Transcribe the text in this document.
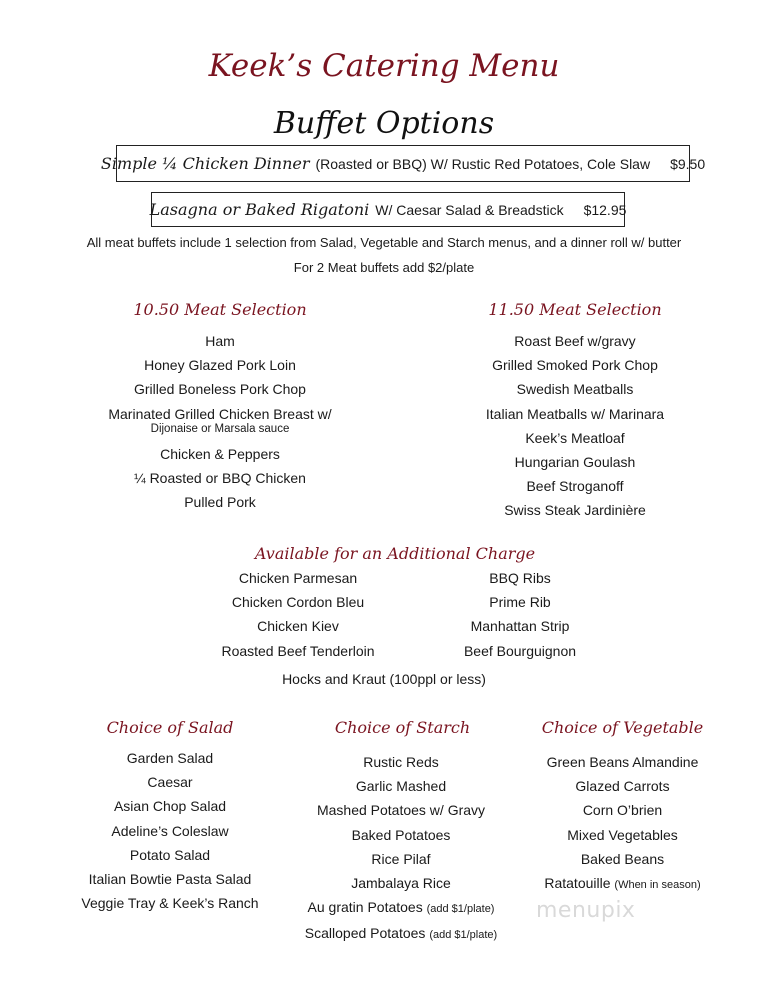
Keek’s Catering Menu
Buffet Options
Simple ¼ Chicken Dinner (Roasted or BBQ) W/ Rustic Red Potatoes, Cole Slaw $9.50
Lasagna or Baked Rigatoni W/ Caesar Salad & Breadstick $12.95
All meat buffets include 1 selection from Salad, Vegetable and Starch menus, and a dinner roll w/ butter
For 2 Meat buffets add $2/plate
10.50 Meat Selection
Ham
Honey Glazed Pork Loin
Grilled Boneless Pork Chop
Marinated Grilled Chicken Breast w/
Dijonaise or Marsala sauce
Chicken & Peppers
¼ Roasted or BBQ Chicken
Pulled Pork
11.50 Meat Selection
Roast Beef w/gravy
Grilled Smoked Pork Chop
Swedish Meatballs
Italian Meatballs w/ Marinara
Keek’s Meatloaf
Hungarian Goulash
Beef Stroganoff
Swiss Steak Jardinière
Available for an Additional Charge
Chicken Parmesan
Chicken Cordon Bleu
Chicken Kiev
Roasted Beef Tenderloin
BBQ Ribs
Prime Rib
Manhattan Strip
Beef Bourguignon
Hocks and Kraut (100ppl or less)
Choice of Salad
Garden Salad
Caesar
Asian Chop Salad
Adeline’s Coleslaw
Potato Salad
Italian Bowtie Pasta Salad
Veggie Tray & Keek’s Ranch
Choice of Starch
Rustic Reds
Garlic Mashed
Mashed Potatoes w/ Gravy
Baked Potatoes
Rice Pilaf
Jambalaya Rice
Au gratin Potatoes (add $1/plate)
Scalloped Potatoes (add $1/plate)
Choice of Vegetable
Green Beans Almandine
Glazed Carrots
Corn O’brien
Mixed Vegetables
Baked Beans
Ratatouille (When in season)
menupix
